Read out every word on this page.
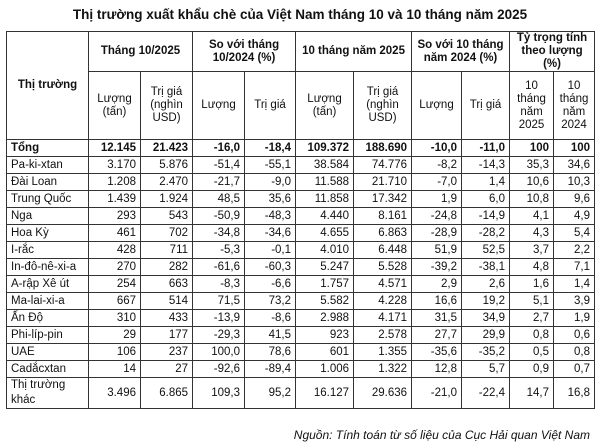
Thị trường xuất khẩu chè của Việt Nam tháng 10 và 10 tháng năm 2025
Thị trường	Tháng 10/2025		So với tháng 10/2024 (%)		10 tháng năm 2025		So với 10 tháng năm 2024 (%)		Tỷ trọng tính theo lượng (%)	
	Lượng (tấn)	Trị giá (nghìn USD)	Lượng	Trị giá	Lượng (tấn)	Trị giá (nghìn USD)	Lượng	Trị giá	10 tháng năm 2025	10 tháng năm 2024
Tổng	12.145	21.423	-16,0	-18,4	109.372	188.690	-10,0	-11,0	100	100
Pa-ki-xtan	3.170	5.876	-51,4	-55,1	38.584	74.776	-8,2	-14,3	35,3	34,6
Đài Loan	1.208	2.470	-21,7	-9,0	11.588	21.710	-7,0	1,4	10,6	10,3
Trung Quốc	1.439	1.924	48,5	35,6	11.858	17.342	1,9	6,0	10,8	9,6
Nga	293	543	-50,9	-48,3	4.440	8.161	-24,8	-14,9	4,1	4,9
Hoa Kỳ	461	702	-34,8	-34,6	4.655	6.863	-28,9	-28,2	4,3	5,4
I-rắc	428	711	-5,3	-0,1	4.010	6.448	51,9	52,5	3,7	2,2
In-đô-nê-xi-a	270	282	-61,6	-60,3	5.247	5.528	-39,2	-38,1	4,8	7,1
A-rập Xê út	254	663	-8,3	-6,6	1.757	4.571	2,9	2,6	1,6	1,4
Ma-lai-xi-a	667	514	71,5	73,2	5.582	4.228	16,6	19,2	5,1	3,9
Ấn Độ	310	433	-13,9	-8,6	2.988	4.171	31,5	34,9	2,7	1,9
Phi-líp-pin	29	177	-29,3	41,5	923	2.578	27,7	29,9	0,8	0,6
UAE	106	237	100,0	78,6	601	1.355	-35,6	-35,2	0,5	0,8
Cadắcxtan	14	27	-92,6	-89,4	1.006	1.322	12,8	5,7	0,9	0,7
Thị trường khác	3.496	6.865	109,3	95,2	16.127	29.636	-21,0	-22,4	14,7	16,8
Nguồn: Tính toán từ số liệu của Cục Hải quan Việt Nam
